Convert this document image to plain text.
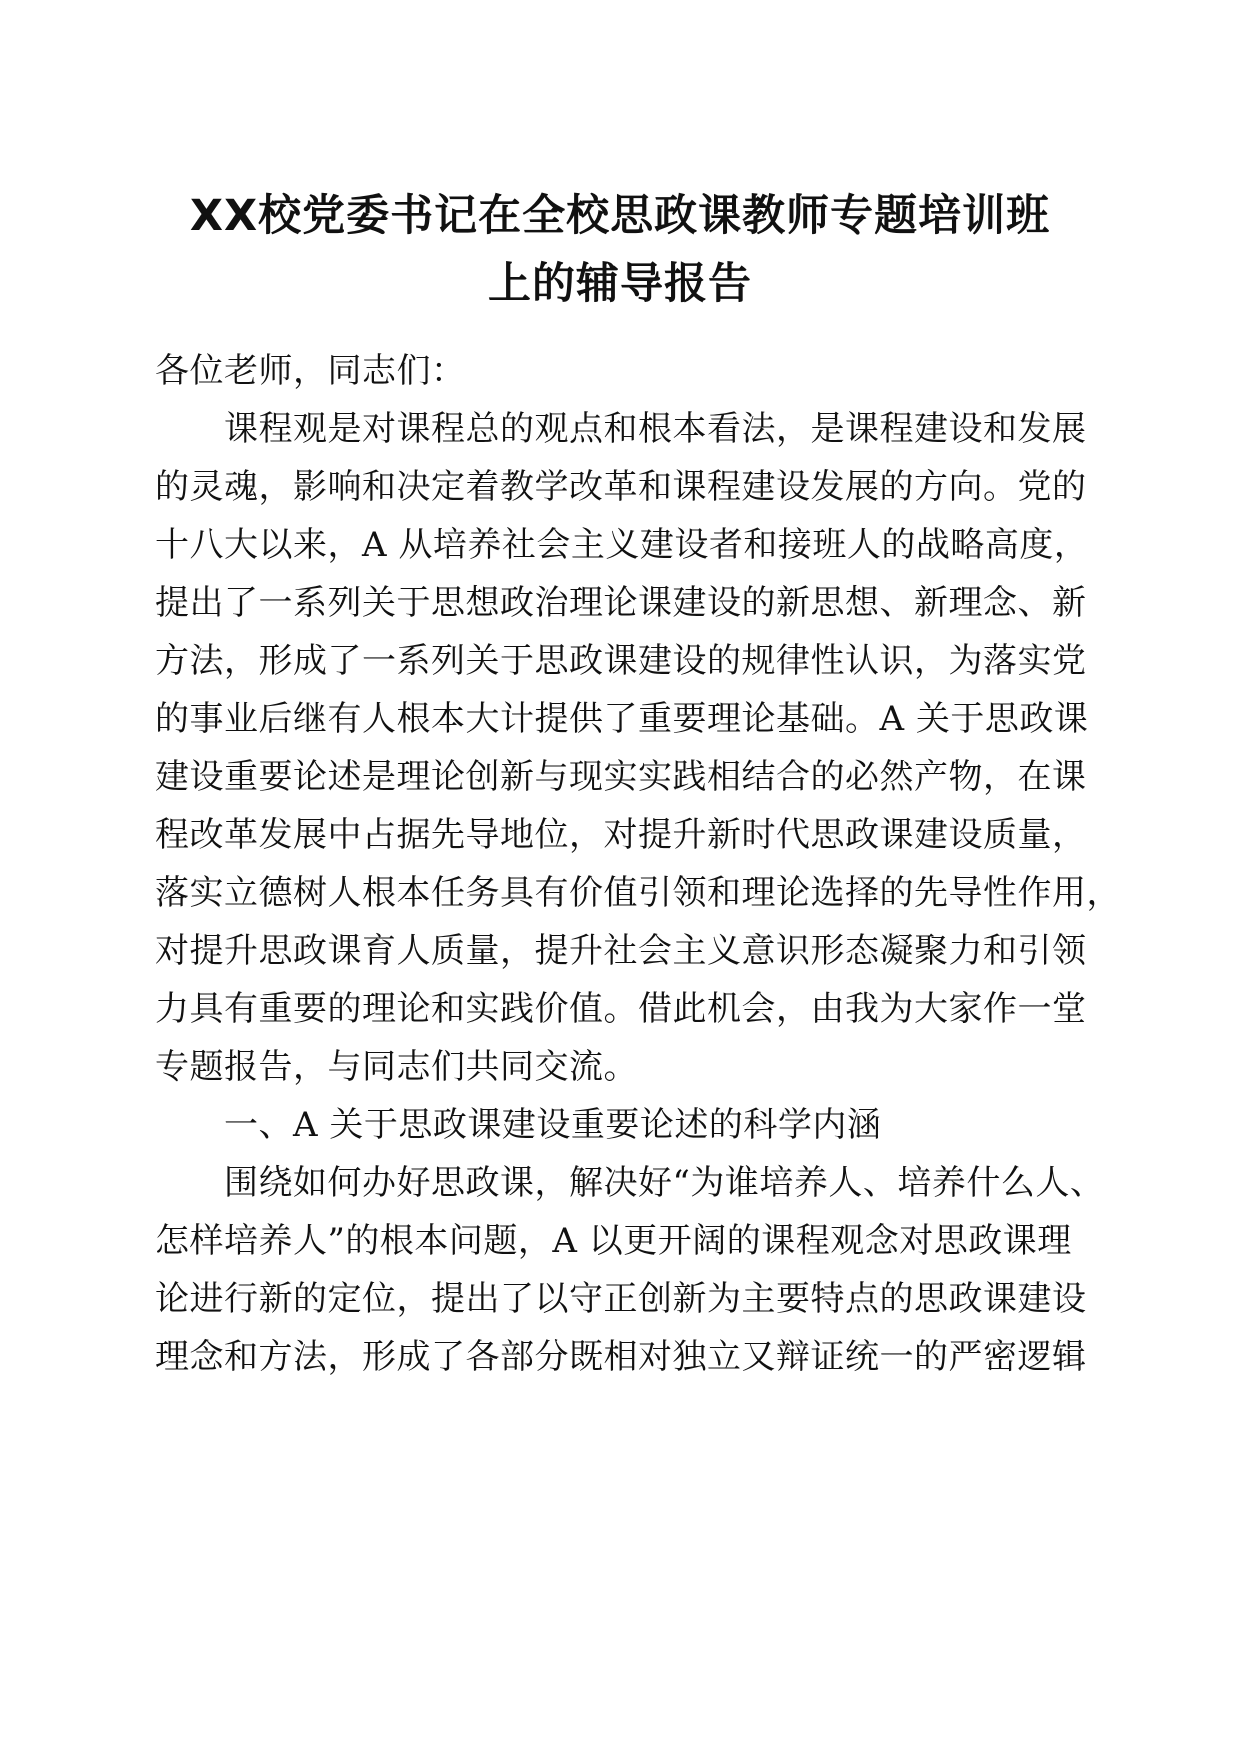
XX校党委书记在全校思政课教师专题培训班
上的辅导报告
各位老师，同志们：
课程观是对课程总的观点和根本看法，是课程建设和发展
的灵魂，影响和决定着教学改革和课程建设发展的方向。党的
十八大以来，A 从培养社会主义建设者和接班人的战略高度，
提出了一系列关于思想政治理论课建设的新思想、新理念、新
方法，形成了一系列关于思政课建设的规律性认识，为落实党
的事业后继有人根本大计提供了重要理论基础。A 关于思政课
建设重要论述是理论创新与现实实践相结合的必然产物，在课
程改革发展中占据先导地位，对提升新时代思政课建设质量，
落实立德树人根本任务具有价值引领和理论选择的先导性作用，
对提升思政课育人质量，提升社会主义意识形态凝聚力和引领
力具有重要的理论和实践价值。借此机会，由我为大家作一堂
专题报告，与同志们共同交流。
一、A 关于思政课建设重要论述的科学内涵
围绕如何办好思政课，解决好“为谁培养人、培养什么人、
怎样培养人”的根本问题，A 以更开阔的课程观念对思政课理
论进行新的定位，提出了以守正创新为主要特点的思政课建设
理念和方法，形成了各部分既相对独立又辩证统一的严密逻辑
